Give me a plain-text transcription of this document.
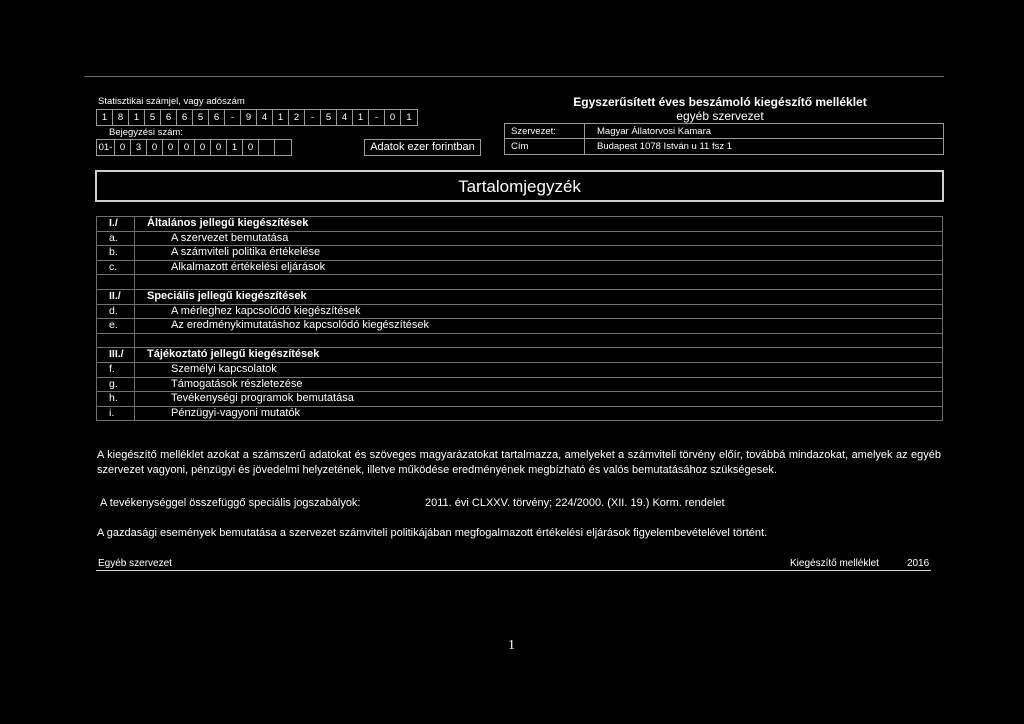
Statisztikai számjel, vagy adószám
1	8	1	5	6	6	5	6	-	9	4	1	2	-	5	4	1	-	0	1
Bejegyzési szám:
01- 0	3	0	0	0	0	0	1	0	Adatok ezer forintban
Egyszerűsített éves beszámoló kiegészítő melléklet
egyéb szervezet
Szervezet:	Magyar Állatorvosi Kamara
Cím	Budapest 1078 István u 11 fsz 1
Tartalomjegyzék
I./	Általános jellegű kiegészítések
a.	A szervezet bemutatása
b.	A számviteli politika értékelése
c.	Alkalmazott értékelési eljárások
II./	Speciális jellegű kiegészítések
d.	A mérleghez kapcsolódó kiegészítések
e.	Az eredménykimutatáshoz kapcsolódó kiegészítések
III./	Tájékoztató jellegű kiegészítések
f.	Személyi kapcsolatok
g.	Támogatások részletezése
h.	Tevékenységi programok bemutatása
i.	Pénzügyi-vagyoni mutatók
A kiegészítő melléklet azokat a számszerű adatokat és szöveges magyarázatokat tartalmazza, amelyeket a számviteli törvény előír, továbbá mindazokat, amelyek az egyéb szervezet vagyoni, pénzügyi és jövedelmi helyzetének, illetve működése eredményének megbízható és valós bemutatásához szükségesek.
A tevékenységgel összefüggő speciális jogszabályok:	2011. évi CLXXV. törvény; 224/2000. (XII. 19.) Korm. rendelet
A gazdasági események bemutatása a szervezet számviteli politikájában megfogalmazott értékelési eljárások figyelembevételével történt.
Egyéb szervezet	Kiegészítő melléklet	2016
1
